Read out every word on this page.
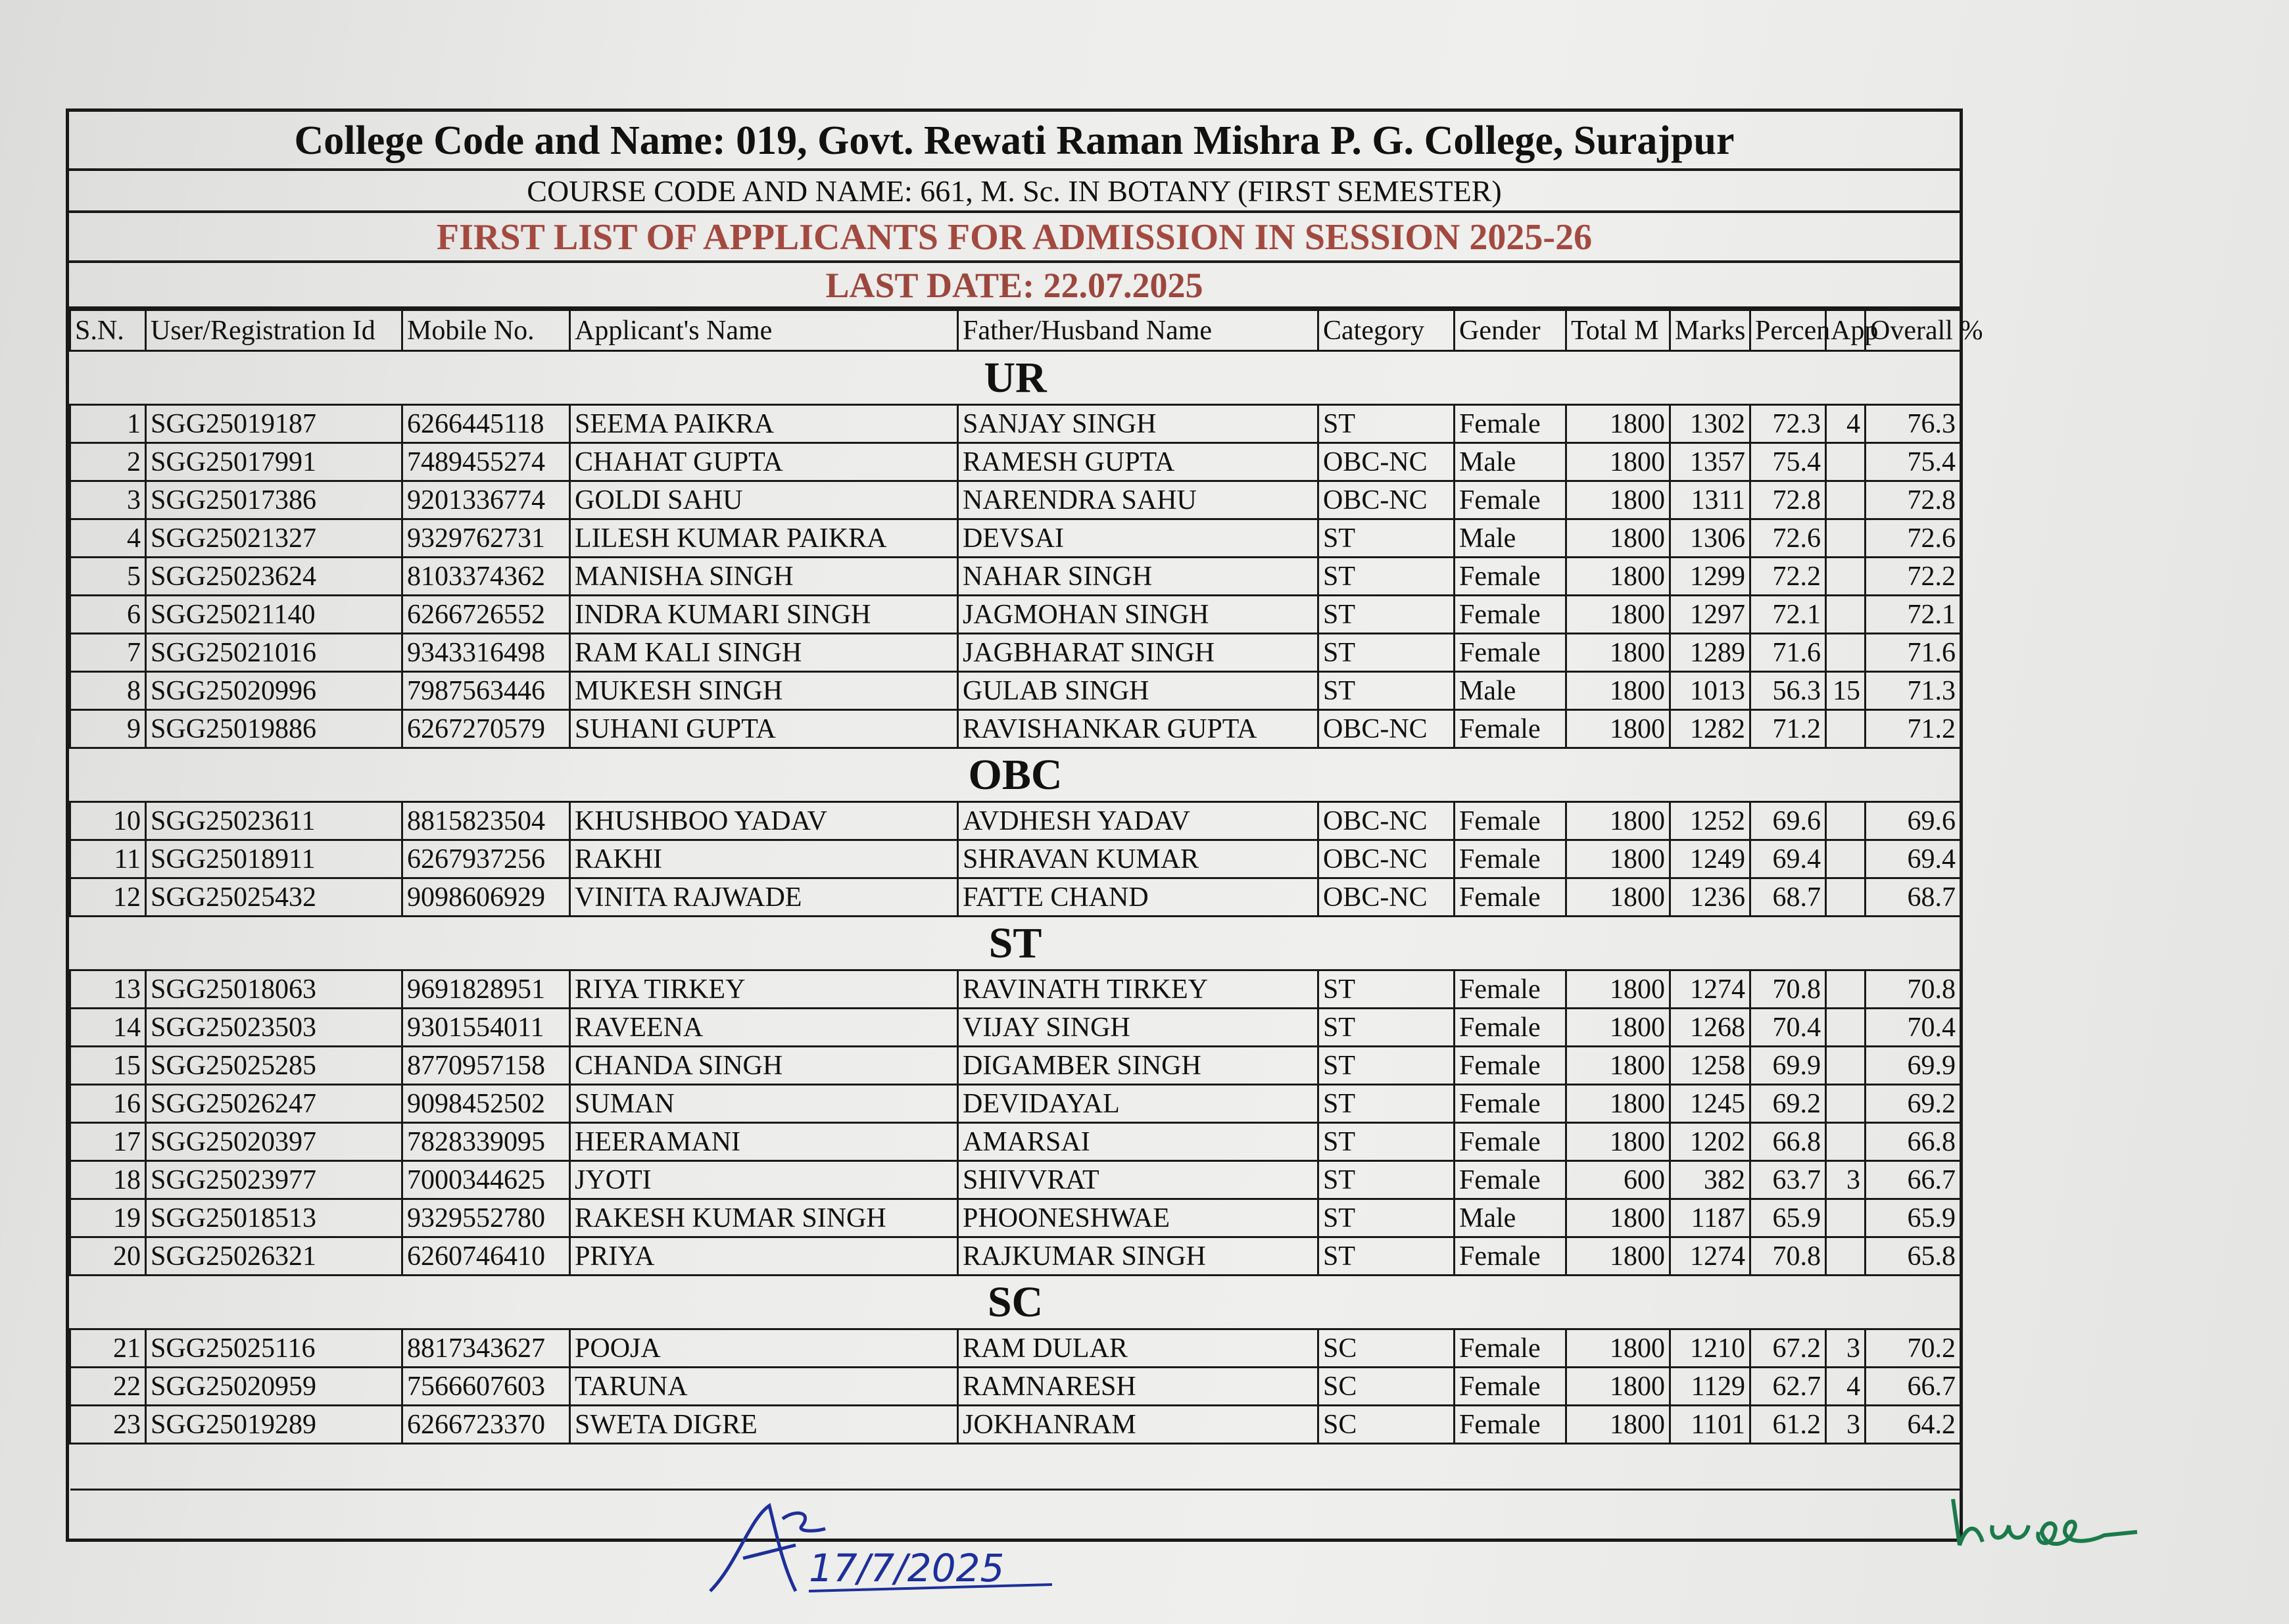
College Code and Name: 019, Govt. Rewati Raman Mishra P. G. College, Surajpur
COURSE CODE AND NAME: 661, M. Sc. IN BOTANY (FIRST SEMESTER)
FIRST LIST OF APPLICANTS FOR ADMISSION IN SESSION 2025-26
LAST DATE: 22.07.2025
S.N.	User/Registration Id	Mobile No.	Applicant's Name	Father/Husband Name	Category	Gender	Total M	Marks	Percen	App	Overall %
UR											
1	SGG25019187	6266445118	SEEMA PAIKRA	SANJAY SINGH	ST	Female	1800	1302	72.3	4	76.3
2	SGG25017991	7489455274	CHAHAT GUPTA	RAMESH GUPTA	OBC-NC	Male	1800	1357	75.4		75.4
3	SGG25017386	9201336774	GOLDI SAHU	NARENDRA SAHU	OBC-NC	Female	1800	1311	72.8		72.8
4	SGG25021327	9329762731	LILESH KUMAR PAIKRA	DEVSAI	ST	Male	1800	1306	72.6		72.6
5	SGG25023624	8103374362	MANISHA SINGH	NAHAR SINGH	ST	Female	1800	1299	72.2		72.2
6	SGG25021140	6266726552	INDRA KUMARI SINGH	JAGMOHAN SINGH	ST	Female	1800	1297	72.1		72.1
7	SGG25021016	9343316498	RAM KALI SINGH	JAGBHARAT SINGH	ST	Female	1800	1289	71.6		71.6
8	SGG25020996	7987563446	MUKESH SINGH	GULAB SINGH	ST	Male	1800	1013	56.3	15	71.3
9	SGG25019886	6267270579	SUHANI GUPTA	RAVISHANKAR GUPTA	OBC-NC	Female	1800	1282	71.2		71.2
OBC											
10	SGG25023611	8815823504	KHUSHBOO YADAV	AVDHESH YADAV	OBC-NC	Female	1800	1252	69.6		69.6
11	SGG25018911	6267937256	RAKHI	SHRAVAN KUMAR	OBC-NC	Female	1800	1249	69.4		69.4
12	SGG25025432	9098606929	VINITA RAJWADE	FATTE CHAND	OBC-NC	Female	1800	1236	68.7		68.7
ST											
13	SGG25018063	9691828951	RIYA TIRKEY	RAVINATH TIRKEY	ST	Female	1800	1274	70.8		70.8
14	SGG25023503	9301554011	RAVEENA	VIJAY SINGH	ST	Female	1800	1268	70.4		70.4
15	SGG25025285	8770957158	CHANDA SINGH	DIGAMBER SINGH	ST	Female	1800	1258	69.9		69.9
16	SGG25026247	9098452502	SUMAN	DEVIDAYAL	ST	Female	1800	1245	69.2		69.2
17	SGG25020397	7828339095	HEERAMANI	AMARSAI	ST	Female	1800	1202	66.8		66.8
18	SGG25023977	7000344625	JYOTI	SHIVVRAT	ST	Female	600	382	63.7	3	66.7
19	SGG25018513	9329552780	RAKESH KUMAR SINGH	PHOONESHWAE	ST	Male	1800	1187	65.9		65.9
20	SGG25026321	6260746410	PRIYA	RAJKUMAR SINGH	ST	Female	1800	1274	70.8		65.8
SC											
21	SGG25025116	8817343627	POOJA	RAM DULAR	SC	Female	1800	1210	67.2	3	70.2
22	SGG25020959	7566607603	TARUNA	RAMNARESH	SC	Female	1800	1129	62.7	4	66.7
23	SGG25019289	6266723370	SWETA DIGRE	JOKHANRAM	SC	Female	1800	1101	61.2	3	64.2

17/7/2025
